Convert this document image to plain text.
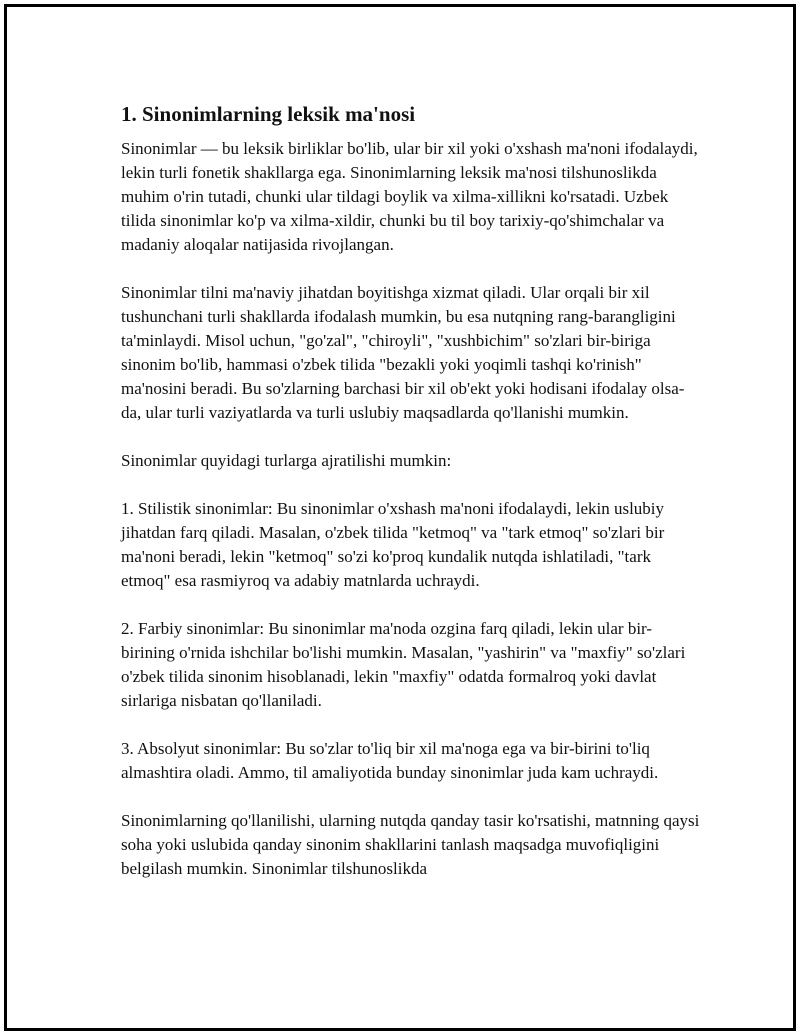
1. Sinonimlarning leksik ma'nosi

Sinonimlar — bu leksik birliklar bo'lib, ular bir xil yoki o'xshash ma'noni ifodalaydi, lekin turli fonetik shakllarga ega. Sinonimlarning leksik ma'nosi tilshunoslikda muhim o'rin tutadi, chunki ular tildagi boylik va xilma-xillikni ko'rsatadi. Uzbek tilida sinonimlar ko'p va xilma-xildir, chunki bu til boy tarixiy-qo'shimchalar va madaniy aloqalar natijasida rivojlangan.

Sinonimlar tilni ma'naviy jihatdan boyitishga xizmat qiladi. Ular orqali bir xil tushunchani turli shakllarda ifodalash mumkin, bu esa nutqning rang-barangligini ta'minlaydi. Misol uchun, "go'zal", "chiroyli", "xushbichim" so'zlari bir-biriga sinonim bo'lib, hammasi o'zbek tilida "bezakli yoki yoqimli tashqi ko'rinish" ma'nosini beradi. Bu so'zlarning barchasi bir xil ob'ekt yoki hodisani ifodalay olsa-da, ular turli vaziyatlarda va turli uslubiy maqsadlarda qo'llanishi mumkin.

Sinonimlar quyidagi turlarga ajratilishi mumkin:

1. Stilistik sinonimlar: Bu sinonimlar o'xshash ma'noni ifodalaydi, lekin uslubiy jihatdan farq qiladi. Masalan, o'zbek tilida "ketmoq" va "tark etmoq" so'zlari bir ma'noni beradi, lekin "ketmoq" so'zi ko'proq kundalik nutqda ishlatiladi, "tark etmoq" esa rasmiyroq va adabiy matnlarda uchraydi.

2. Farbiy sinonimlar: Bu sinonimlar ma'noda ozgina farq qiladi, lekin ular bir-birining o'rnida ishchilar bo'lishi mumkin. Masalan, "yashirin" va "maxfiy" so'zlari o'zbek tilida sinonim hisoblanadi, lekin "maxfiy" odatda formalroq yoki davlat sirlariga nisbatan qo'llaniladi.

3. Absolyut sinonimlar: Bu so'zlar to'liq bir xil ma'noga ega va bir-birini to'liq almashtira oladi. Ammo, til amaliyotida bunday sinonimlar juda kam uchraydi.

Sinonimlarning qo'llanilishi, ularning nutqda qanday tasir ko'rsatishi, matnning qaysi soha yoki uslubida qanday sinonim shakllarini tanlash maqsadga muvofiqligini belgilash mumkin. Sinonimlar tilshunoslikda
